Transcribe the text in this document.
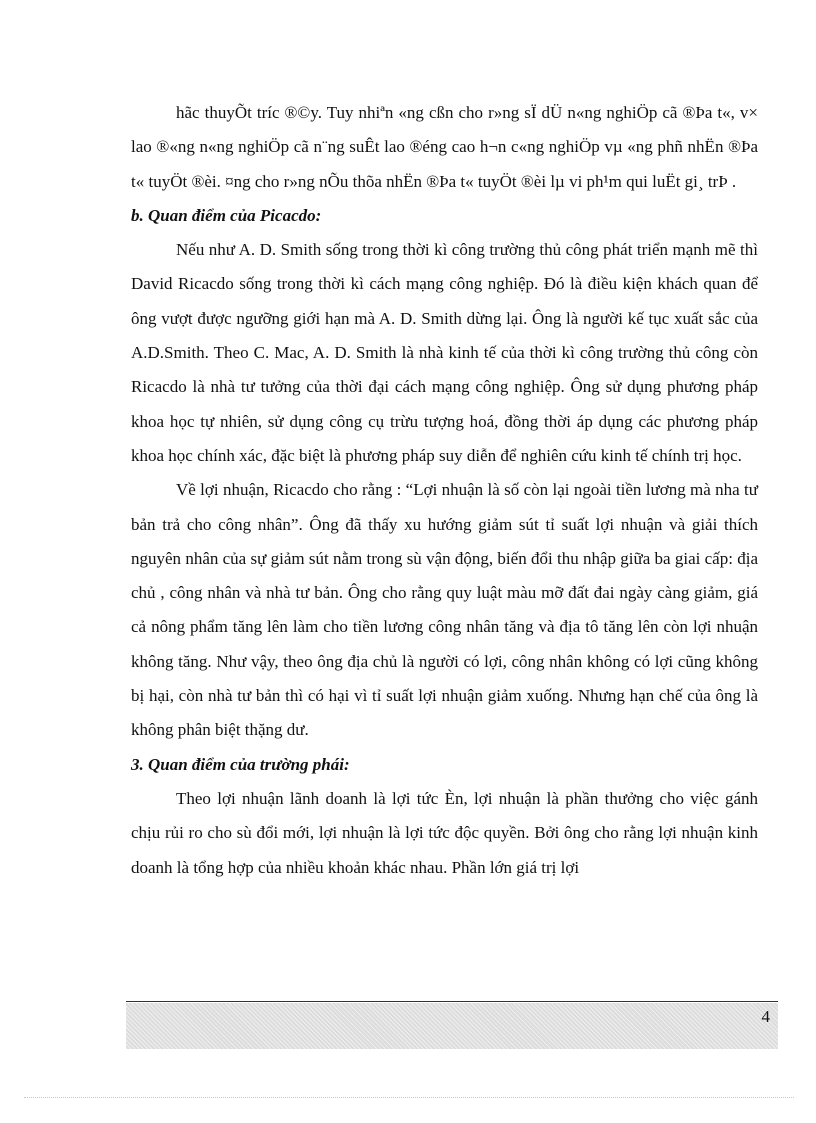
hãc thuyÕt tríc ®©y. Tuy nhiªn «ng cßn cho r»ng sÏ dÜ n«ng nghiÖp cã ®Þa t«, v× lao ®«ng n«ng nghiÖp cã n¨ng suÊt lao ®éng cao h¬n c«ng nghiÖp vµ «ng phñ nhËn ®Þa t« tuyÖt ®èi. ¤ng cho r»ng nÕu thõa nhËn ®Þa t« tuyÖt ®èi lµ vi ph¹m qui luËt gi¸ trÞ .

b. Quan điểm của Picacdo:

Nếu như A. D. Smith sống trong thời kì công trường thủ công phát triển mạnh mẽ thì David Ricacdo sống trong thời kì cách mạng công nghiệp. Đó là điều kiện khách quan để ông vượt được ngưỡng giới hạn mà A. D. Smith dừng lại. Ông là người kế tục xuất sắc của A.D.Smith. Theo C. Mac, A. D. Smith là nhà kinh tế của thời kì công trường thủ công còn Ricacdo là nhà tư tưởng của thời đại cách mạng công nghiệp. Ông sử dụng phương pháp khoa học tự nhiên, sử dụng công cụ trừu tượng hoá, đồng thời áp dụng các phương pháp khoa học chính xác, đặc biệt là phương pháp suy diễn để nghiên cứu kinh tế chính trị học.

Về lợi nhuận, Ricacdo cho rằng : “Lợi nhuận là số còn lại ngoài tiền lương mà nha tư bản trả cho công nhân”. Ông đã thấy xu hướng giảm sút tỉ suất lợi nhuận và giải thích nguyên nhân của sự giảm sút nằm trong sù vận động, biến đổi thu nhập giữa ba giai cấp: địa chủ , công nhân và nhà tư bản. Ông cho rằng quy luật màu mỡ đất đai ngày càng giảm, giá cả nông phẩm tăng lên làm cho tiền lương công nhân tăng và địa tô tăng lên còn lợi nhuận không tăng. Như vậy, theo ông địa chủ là người có lợi, công nhân không có lợi cũng không bị hại, còn nhà tư bản thì có hại vì tỉ suất lợi nhuận giảm xuống. Nhưng hạn chế của ông là không phân biệt thặng dư.

3. Quan điểm của trường phái:

Theo lợi nhuận lãnh doanh là lợi tức Èn, lợi nhuận là phần thưởng cho việc gánh chịu rủi ro cho sù đổi mới, lợi nhuận là lợi tức độc quyền. Bởi ông cho rằng lợi nhuận kinh doanh là tổng hợp của nhiều khoản khác nhau. Phần lớn giá trị lợi

4
